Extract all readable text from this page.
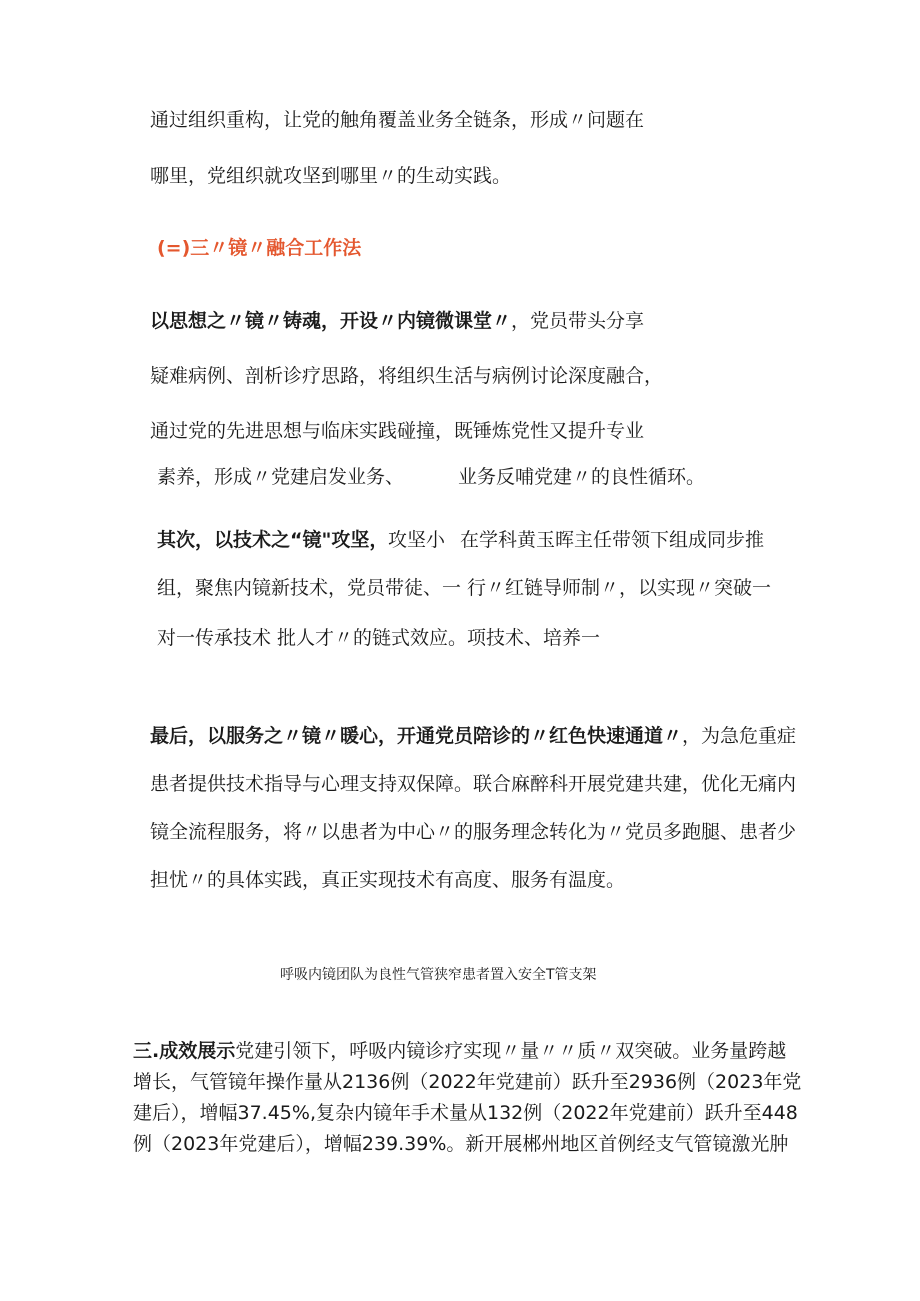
通过组织重构，让党的触角覆盖业务全链条，形成〃问题在
哪里，党组织就攻坚到哪里〃的生动实践。
(=)三〃镜〃融合工作法
以思想之〃镜〃铸魂，开设〃内镜微课堂〃，党员带头分享
疑难病例、剖析诊疗思路，将组织生活与病例讨论深度融合，
通过党的先进思想与临床实践碰撞，既锤炼党性又提升专业
素养，形成〃党建启发业务、	业务反哺党建〃的良性循环。
其次，以技术之“镜"攻坚， 攻坚小 在学科黄玉晖主任带领下组成同步推
组，聚焦内镜新技术，党员带徒、一 行〃红链导师制〃，以实现〃突破一
对一传承技术 批人才〃的链式效应。项技术、培养一
最后，以服务之〃镜〃暖心，开通党员陪诊的〃红色快速通道〃，为急危重症
患者提供技术指导与心理支持双保障。联合麻醉科开展党建共建，优化无痛内
镜全流程服务，将〃以患者为中心〃的服务理念转化为〃党员多跑腿、患者少
担忧〃的具体实践，真正实现技术有高度、服务有温度。
呼吸内镜团队为良性气管狭窄患者置入安全T管支架
三.成效展示党建引领下，呼吸内镜诊疗实现〃量〃〃质〃双突破。业务量跨越
增长，气管镜年操作量从2136例（2022年党建前）跃升至2936例（2023年党
建后），增幅37.45%,复杂内镜年手术量从132例（2022年党建前）跃升至448
例（2023年党建后），增幅239.39%。新开展郴州地区首例经支气管镜激光肿
